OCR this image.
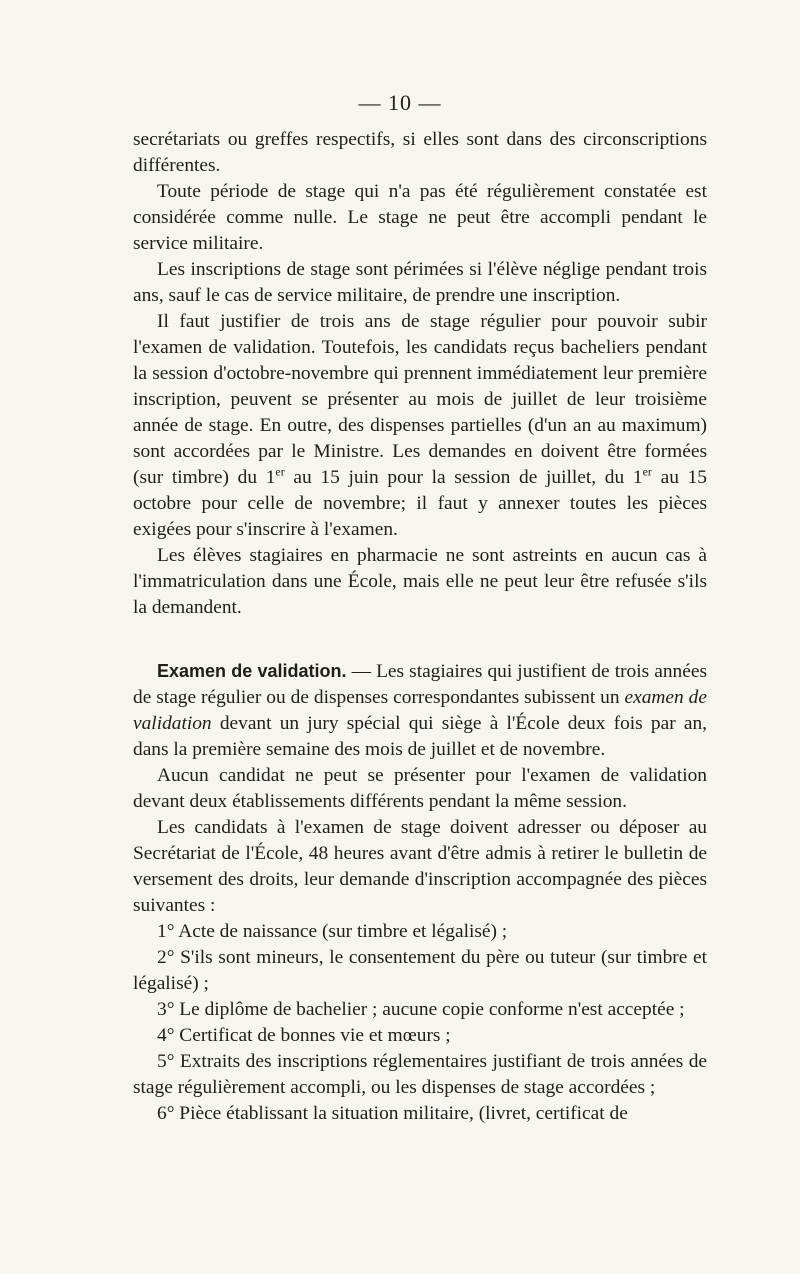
— 10 —

secrétariats ou greffes respectifs, si elles sont dans des circonscriptions différentes.

Toute période de stage qui n'a pas été régulièrement constatée est considérée comme nulle. Le stage ne peut être accompli pendant le service militaire.

Les inscriptions de stage sont périmées si l'élève néglige pendant trois ans, sauf le cas de service militaire, de prendre une inscription.

Il faut justifier de trois ans de stage régulier pour pouvoir subir l'examen de validation. Toutefois, les candidats reçus bacheliers pendant la session d'octobre-novembre qui prennent immédiatement leur première inscription, peuvent se présenter au mois de juillet de leur troisième année de stage. En outre, des dispenses partielles (d'un an au maximum) sont accordées par le Ministre. Les demandes en doivent être formées (sur timbre) du 1er au 15 juin pour la session de juillet, du 1er au 15 octobre pour celle de novembre; il faut y annexer toutes les pièces exigées pour s'inscrire à l'examen.

Les élèves stagiaires en pharmacie ne sont astreints en aucun cas à l'immatriculation dans une École, mais elle ne peut leur être refusée s'ils la demandent.

Examen de validation. — Les stagiaires qui justifient de trois années de stage régulier ou de dispenses correspondantes subissent un examen de validation devant un jury spécial qui siège à l'École deux fois par an, dans la première semaine des mois de juillet et de novembre.

Aucun candidat ne peut se présenter pour l'examen de validation devant deux établissements différents pendant la même session.

Les candidats à l'examen de stage doivent adresser ou déposer au Secrétariat de l'École, 48 heures avant d'être admis à retirer le bulletin de versement des droits, leur demande d'inscription accompagnée des pièces suivantes :

1° Acte de naissance (sur timbre et légalisé) ;

2° S'ils sont mineurs, le consentement du père ou tuteur (sur timbre et légalisé) ;

3° Le diplôme de bachelier ; aucune copie conforme n'est acceptée ;

4° Certificat de bonnes vie et mœurs ;

5° Extraits des inscriptions réglementaires justifiant de trois années de stage régulièrement accompli, ou les dispenses de stage accordées ;

6° Pièce établissant la situation militaire, (livret, certificat de
